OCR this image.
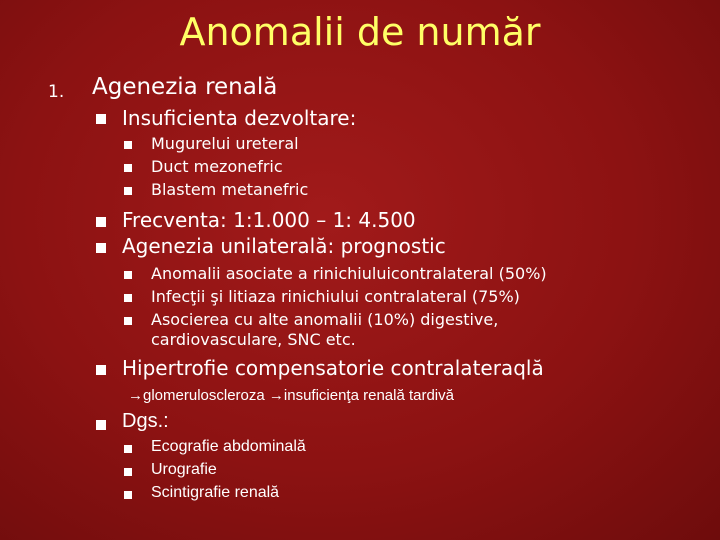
Anomalii de număr
1. Agenezia renală
Insuficienta dezvoltare:
Mugurelui ureteral
Duct mezonefric
Blastem metanefric
Frecventa: 1:1.000 – 1: 4.500
Agenezia unilaterală: prognostic
Anomalii asociate a rinichiuluicontralateral (50%)
Infecţii şi litiaza rinichiului contralateral (75%)
Asocierea cu alte anomalii (10%) digestive,
cardiovasculare, SNC etc.
Hipertrofie compensatorie contralateraqlă
→glomeruloscleroza →insuficienţa renală tardivă
Dgs.:
Ecografie abdominală
Urografie
Scintigrafie renală
